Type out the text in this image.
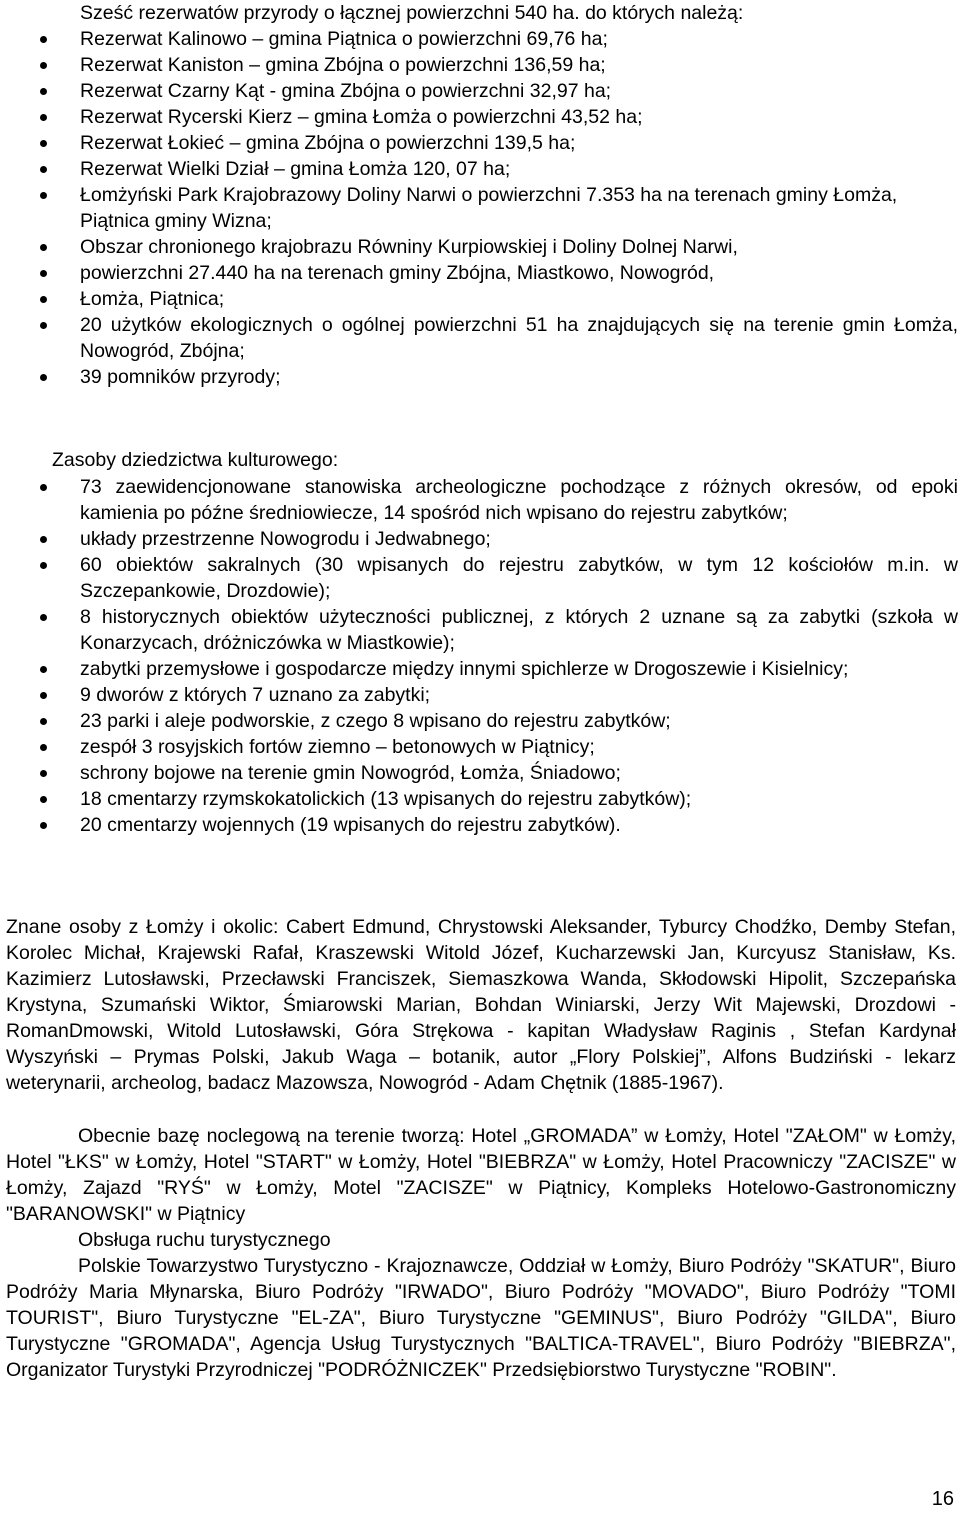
Sześć rezerwatów przyrody o łącznej powierzchni 540 ha. do których należą:
Rezerwat Kalinowo – gmina Piątnica o powierzchni 69,76 ha;
Rezerwat Kaniston – gmina Zbójna o powierzchni 136,59 ha;
Rezerwat Czarny Kąt - gmina Zbójna o powierzchni 32,97 ha;
Rezerwat Rycerski Kierz – gmina Łomża o powierzchni 43,52 ha;
Rezerwat Łokieć – gmina Zbójna o powierzchni 139,5 ha;
Rezerwat Wielki Dział – gmina Łomża 120, 07 ha;
Łomżyński Park Krajobrazowy Doliny Narwi o powierzchni 7.353 ha na terenach gminy Łomża, Piątnica gminy Wizna;
Obszar chronionego krajobrazu Równiny Kurpiowskiej i Doliny Dolnej Narwi,
powierzchni 27.440 ha na terenach gminy Zbójna, Miastkowo, Nowogród,
Łomża, Piątnica;
20 użytków ekologicznych o ogólnej powierzchni 51 ha znajdujących się na terenie gmin Łomża, Nowogród, Zbójna;
39 pomników przyrody;
Zasoby dziedzictwa kulturowego:
73 zaewidencjonowane stanowiska archeologiczne pochodzące z różnych okresów, od epoki kamienia po późne średniowiecze, 14 spośród nich wpisano do rejestru zabytków;
układy przestrzenne Nowogrodu i Jedwabnego;
60 obiektów sakralnych (30 wpisanych do rejestru zabytków, w tym 12 kościołów m.in. w Szczepankowie, Drozdowie);
8 historycznych obiektów użyteczności publicznej, z których 2 uznane są za zabytki (szkoła w Konarzycach, dróżniczówka w Miastkowie);
zabytki przemysłowe i gospodarcze między innymi spichlerze w Drogoszewie i Kisielnicy;
9 dworów z których 7 uznano za zabytki;
23 parki i aleje podworskie, z czego 8 wpisano do rejestru zabytków;
zespół 3 rosyjskich fortów ziemno – betonowych w Piątnicy;
schrony bojowe na terenie gmin Nowogród, Łomża, Śniadowo;
18 cmentarzy rzymskokatolickich (13 wpisanych do rejestru zabytków);
20 cmentarzy wojennych (19 wpisanych do rejestru zabytków).
Znane osoby z Łomży i okolic: Cabert Edmund, Chrystowski Aleksander, Tyburcy Chodźko, Demby Stefan, Korolec Michał, Krajewski Rafał, Kraszewski Witold Józef, Kucharzewski Jan, Kurcyusz Stanisław, Ks. Kazimierz Lutosławski, Przecławski Franciszek, Siemaszkowa Wanda, Skłodowski Hipolit, Szczepańska Krystyna, Szumański Wiktor, Śmiarowski Marian, Bohdan Winiarski, Jerzy Wit Majewski, Drozdowi - RomanDmowski, Witold Lutosławski, Góra Strękowa - kapitan Władysław Raginis , Stefan Kardynał Wyszyński – Prymas Polski, Jakub Waga – botanik, autor „Flory Polskiej”, Alfons Budziński - lekarz weterynarii, archeolog, badacz Mazowsza, Nowogród - Adam Chętnik (1885-1967).
Obecnie bazę noclegową na terenie tworzą: Hotel „GROMADA” w Łomży, Hotel "ZAŁOM" w Łomży, Hotel "ŁKS" w Łomży, Hotel "START" w Łomży, Hotel "BIEBRZA" w Łomży, Hotel Pracowniczy "ZACISZE" w Łomży, Zajazd "RYŚ" w Łomży, Motel "ZACISZE" w Piątnicy, Kompleks Hotelowo-Gastronomiczny "BARANOWSKI" w Piątnicy
Obsługa ruchu turystycznego
Polskie Towarzystwo Turystyczno - Krajoznawcze, Oddział w Łomży, Biuro Podróży "SKATUR", Biuro Podróży Maria Młynarska, Biuro Podróży "IRWADO", Biuro Podróży "MOVADO", Biuro Podróży "TOMI TOURIST", Biuro Turystyczne "EL-ZA", Biuro Turystyczne "GEMINUS", Biuro Podróży "GILDA", Biuro Turystyczne "GROMADA", Agencja Usług Turystycznych "BALTICA-TRAVEL", Biuro Podróży "BIEBRZA", Organizator Turystyki Przyrodniczej "PODRÓŻNICZEK" Przedsiębiorstwo Turystyczne "ROBIN".
16
